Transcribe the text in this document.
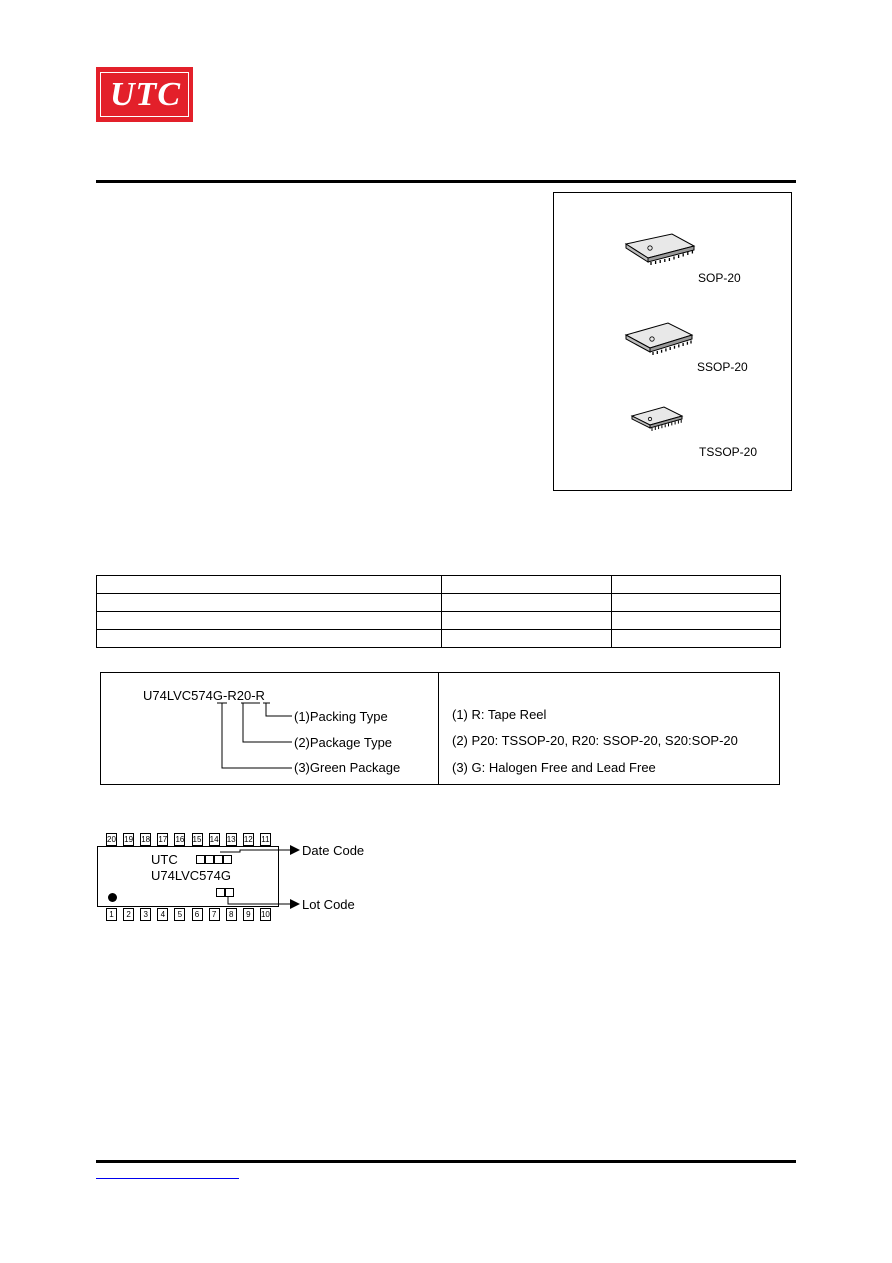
UTC
SOP-20
SSOP-20
TSSOP-20

U74LVC574G-R20-R
(1)Packing Type
(2)Package Type
(3)Green Package
(1) R: Tape Reel
(2) P20: TSSOP-20, R20: SSOP-20, S20:SOP-20
(3) G: Halogen Free and Lead Free
20 19 18 17 16 15 14 13 12 11
1	2	3	4	5	6	7	8	9	10
UTC
U74LVC574G
Date Code
Lot Code
